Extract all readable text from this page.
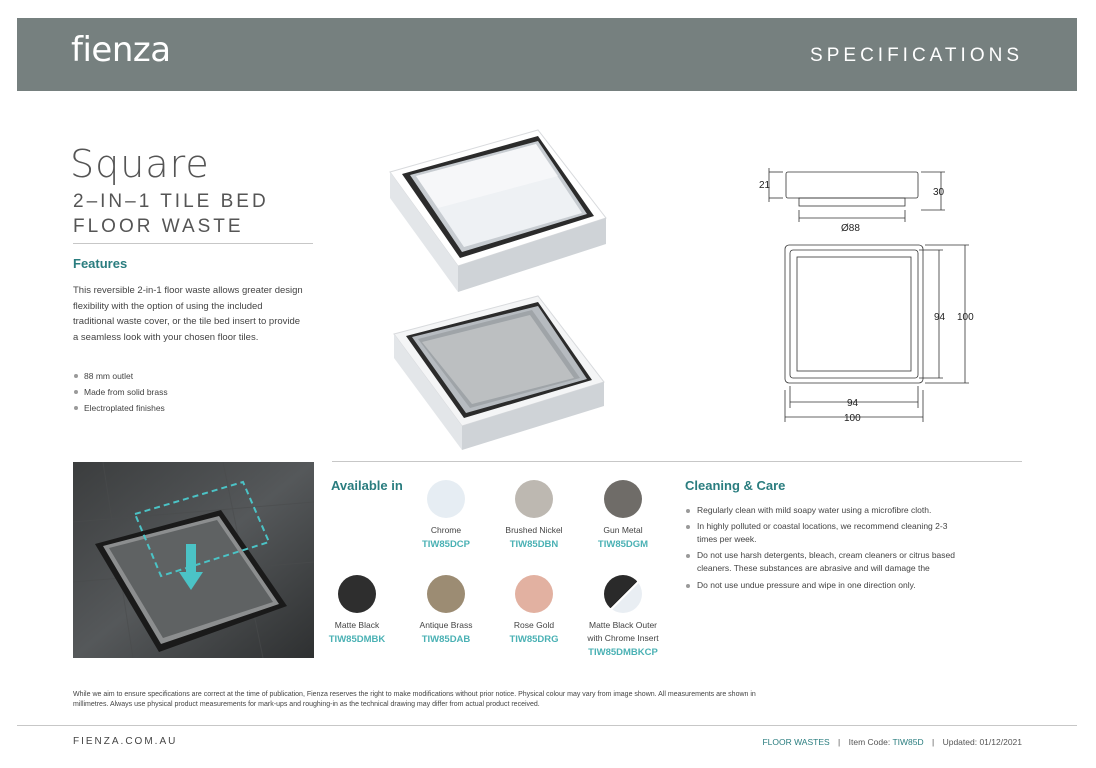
fienza	SPECIFICATIONS
Square
2–IN–1 TILE BED
FLOOR WASTE
Features
This reversible 2-in-1 floor waste allows greater design flexibility with the option of using the included traditional waste cover, or the tile bed insert to provide a seamless look with your chosen floor tiles.
88 mm outlet
Made from solid brass
Electroplated finishes
21
30
Ø88
94 100
94
100
Available in
Chrome
TIW85DCP
Brushed Nickel
TIW85DBN
Gun Metal
TIW85DGM
Matte Black
TIW85DMBK
Antique Brass
TIW85DAB
Rose Gold
TIW85DRG
Matte Black Outer
with Chrome Insert
TIW85DMBKCP
Cleaning & Care
Regularly clean with mild soapy water using a microfibre cloth.
In highly polluted or coastal locations, we recommend cleaning 2-3 times per week.
Do not use harsh detergents, bleach, cream cleaners or citrus based cleaners. These substances are abrasive and will damage the
Do not use undue pressure and wipe in one direction only.
While we aim to ensure specifications are correct at the time of publication, Fienza reserves the right to make modifications without prior notice. Physical colour may vary from image shown. All measurements are shown in millimetres. Always use physical product measurements for mark-ups and roughing-in as the technical drawing may differ from actual product received.
FIENZA.COM.AU	FLOOR WASTES | Item Code: TIW85D | Updated: 01/12/2021
